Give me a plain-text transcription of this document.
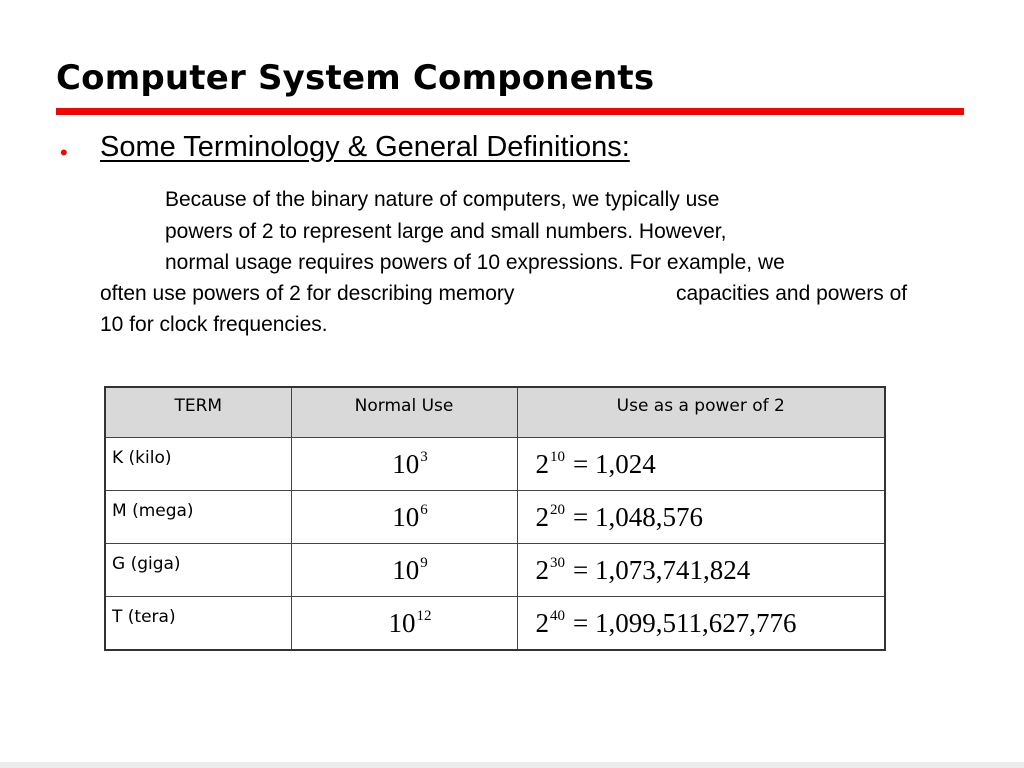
Computer System Components
• Some Terminology & General Definitions:
Because of the binary nature of computers, we typically use
powers of 2 to represent large and small numbers. However,
normal usage requires powers of 10 expressions. For example, we
often use powers of 2 for describing memory	capacities and powers of
10 for clock frequencies.
TERM	Normal Use	Use as a power of 2
K (kilo)	$10^3$	$2^{10} = 1,024$
M (mega)	$10^6$	$2^{20} = 1,048,576$
G (giga)	$10^9$	$2^{30} = 1,073,741,824$
T (tera)	$10^{12}$	$2^{40} = 1,099,511,627,776$
